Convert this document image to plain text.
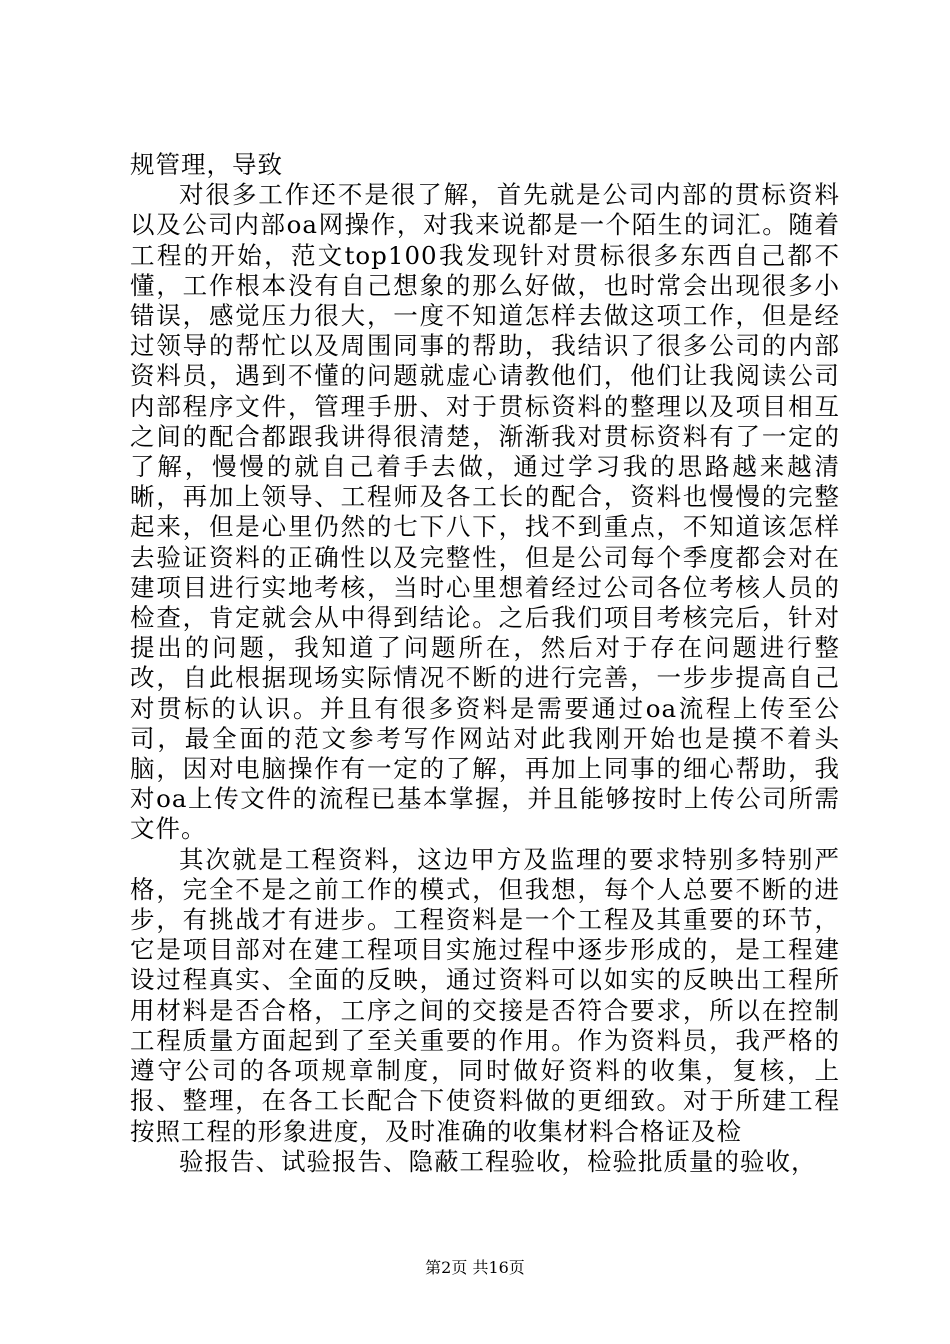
规管理，导致

对很多工作还不是很了解，首先就是公司内部的贯标资料以及公司内部oa网操作，对我来说都是一个陌生的词汇。随着工程的开始，范文top100我发现针对贯标很多东西自己都不懂，工作根本没有自己想象的那么好做，也时常会出现很多小错误，感觉压力很大，一度不知道怎样去做这项工作，但是经过领导的帮忙以及周围同事的帮助，我结识了很多公司的内部资料员，遇到不懂的问题就虚心请教他们，他们让我阅读公司内部程序文件，管理手册、对于贯标资料的整理以及项目相互之间的配合都跟我讲得很清楚，渐渐我对贯标资料有了一定的了解，慢慢的就自己着手去做，通过学习我的思路越来越清晰，再加上领导、工程师及各工长的配合，资料也慢慢的完整起来，但是心里仍然的七下八下，找不到重点，不知道该怎样去验证资料的正确性以及完整性，但是公司每个季度都会对在建项目进行实地考核，当时心里想着经过公司各位考核人员的检查，肯定就会从中得到结论。之后我们项目考核完后，针对提出的问题，我知道了问题所在，然后对于存在问题进行整改，自此根据现场实际情况不断的进行完善，一步步提高自己对贯标的认识。并且有很多资料是需要通过oa流程上传至公司，最全面的范文参考写作网站对此我刚开始也是摸不着头脑，因对电脑操作有一定的了解，再加上同事的细心帮助，我对oa上传文件的流程已基本掌握，并且能够按时上传公司所需文件。

其次就是工程资料，这边甲方及监理的要求特别多特别严格，完全不是之前工作的模式，但我想，每个人总要不断的进步，有挑战才有进步。工程资料是一个工程及其重要的环节，它是项目部对在建工程项目实施过程中逐步形成的，是工程建设过程真实、全面的反映，通过资料可以如实的反映出工程所用材料是否合格，工序之间的交接是否符合要求，所以在控制工程质量方面起到了至关重要的作用。作为资料员，我严格的遵守公司的各项规章制度，同时做好资料的收集，复核，上报、整理，在各工长配合下使资料做的更细致。对于所建工程按照工程的形象进度，及时准确的收集材料合格证及检

验报告、试验报告、隐蔽工程验收，检验批质量的验收，

第2页 共16页
